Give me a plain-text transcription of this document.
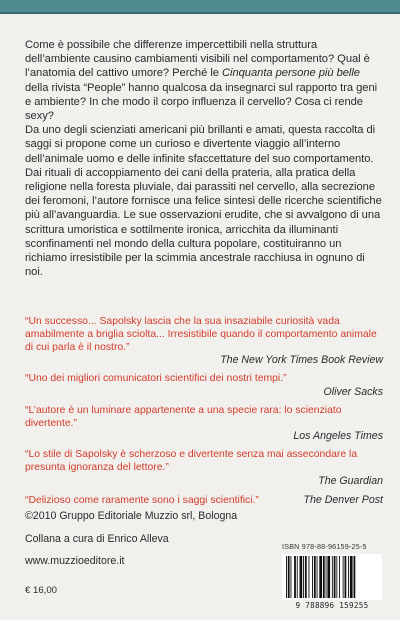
Come è possibile che differenze impercettibili nella struttura dell’ambiente causino cambiamenti visibili nel comportamento? Qual è l’anatomia del cattivo umore? Perché le Cinquanta persone più belle della rivista “People” hanno qualcosa da insegnarci sul rapporto tra geni e ambiente? In che modo il corpo influenza il cervello? Cosa ci rende sexy?

Da uno degli scienziati americani più brillanti e amati, questa raccolta di saggi si propone come un curioso e divertente viaggio all’interno dell’animale uomo e delle infinite sfaccettature del suo comportamento. Dai rituali di accoppiamento dei cani della prateria, alla pratica della religione nella foresta pluviale, dai parassiti nel cervello, alla secrezione dei feromoni, l’autore fornisce una felice sintesi delle ricerche scientifiche più all’avanguardia. Le sue osservazioni erudite, che si avvalgono di una scrittura umoristica e sottilmente ironica, arricchita da illuminanti sconfinamenti nel mondo della cultura popolare, costituiranno un richiamo irresistibile per la scimmia ancestrale racchiusa in ognuno di noi.

“Un successo... Sapolsky lascia che la sua insaziabile curiosità vada amabilmente a briglia sciolta... Irresistibile quando il comportamento animale di cui parla è il nostro.”
The New York Times Book Review
“Uno dei migliori comunicatori scientifici dei nostri tempi.”
Oliver Sacks
“L’autore è un luminare appartenente a una specie rara: lo scienziato divertente.”
Los Angeles Times
“Lo stile di Sapolsky è scherzoso e divertente senza mai assecondare la presunta ignoranza del lettore.”
The Guardian
“Delizioso come raramente sono i saggi scientifici.”	The Denver Post
©2010 Gruppo Editoriale Muzzio srl, Bologna
Collana a cura di Enrico Alleva
www.muzzioeditore.it
€ 16,00
ISBN 978-88-96159-25-5
9 788896 159255
